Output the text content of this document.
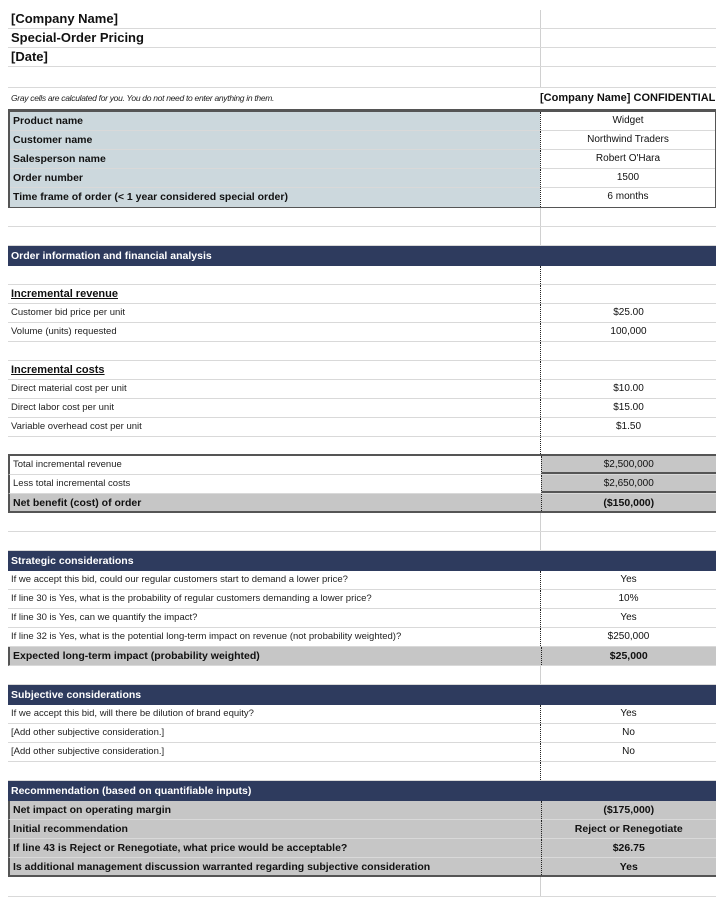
[Company Name]
Special-Order Pricing
[Date]
Gray cells are calculated for you. You do not need to enter anything in them.	[Company Name] CONFIDENTIAL
Product name	Widget
Customer name	Northwind Traders
Salesperson name	Robert O'Hara
Order number	1500
Time frame of order (< 1 year considered special order)	6 months
Order information and financial analysis
Incremental revenue
Customer bid price per unit	$25.00
Volume (units) requested	100,000
Incremental costs
Direct material cost per unit	$10.00
Direct labor cost per unit	$15.00
Variable overhead cost per unit	$1.50
Total incremental revenue	$2,500,000
Less total incremental costs	$2,650,000
Net benefit (cost) of order	($150,000)
Strategic considerations
If we accept this bid, could our regular customers start to demand a lower price?	Yes
If line 30 is Yes, what is the probability of regular customers demanding a lower price?	10%
If line 30 is Yes, can we quantify the impact?	Yes
If line 32 is Yes, what is the potential long-term impact on revenue (not probability weighted)?	$250,000
Expected long-term impact (probability weighted)	$25,000
Subjective considerations
If we accept this bid, will there be dilution of brand equity?	Yes
[Add other subjective consideration.]	No
[Add other subjective consideration.]	No
Recommendation (based on quantifiable inputs)
Net impact on operating margin	($175,000)
Initial recommendation	Reject or Renegotiate
If line 43 is Reject or Renegotiate, what price would be acceptable?	$26.75
Is additional management discussion warranted regarding subjective consideration	Yes
